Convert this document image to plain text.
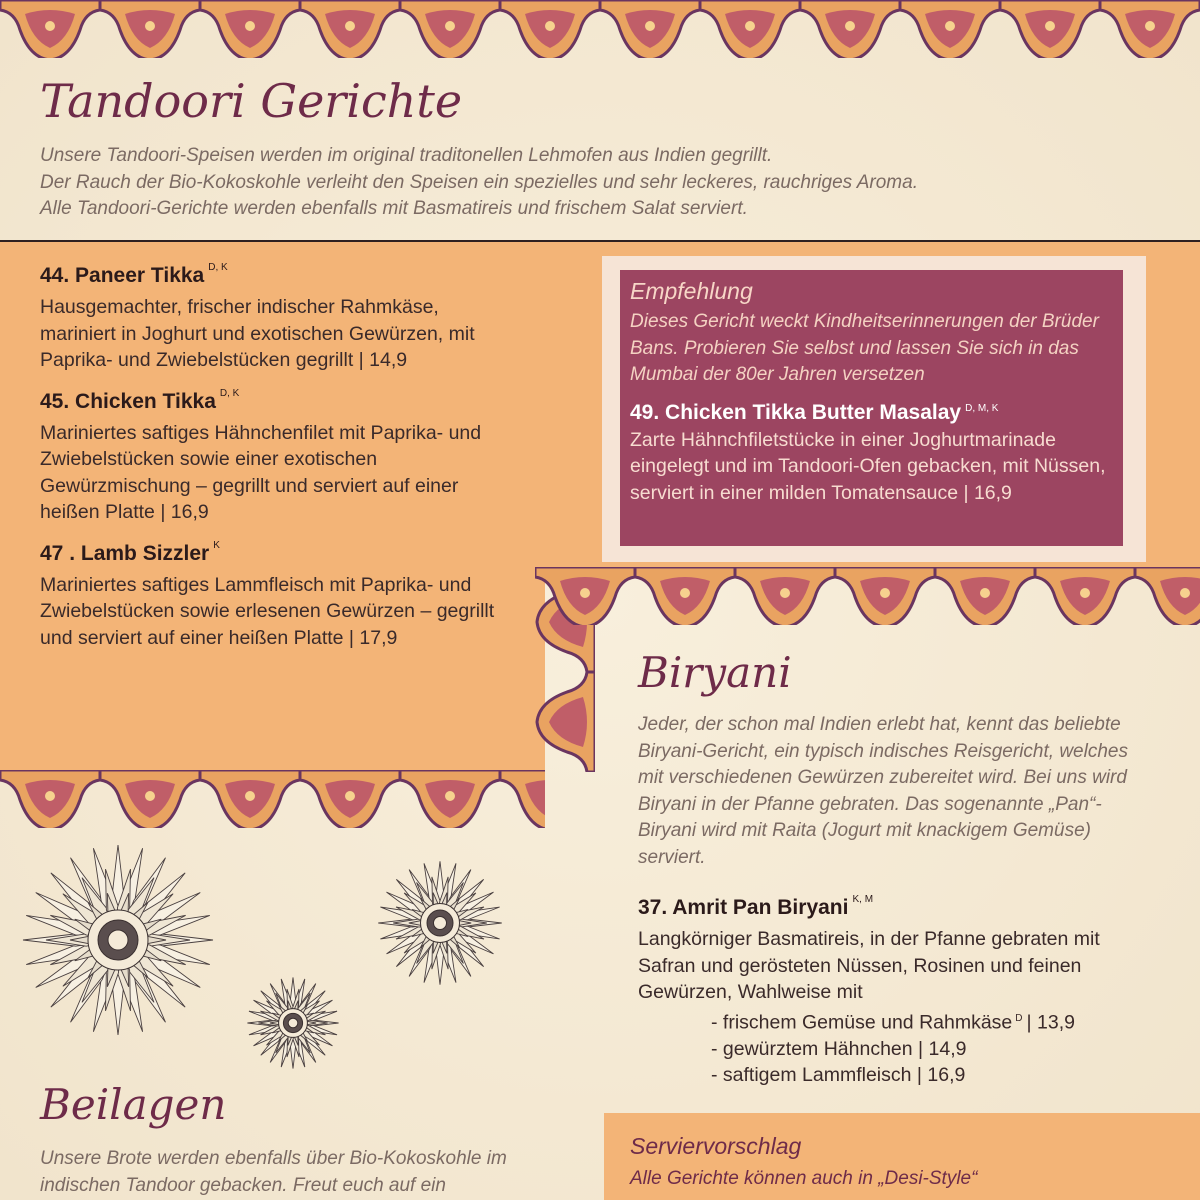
Tandoori Gerichte

Unsere Tandoori-Speisen werden im original traditonellen Lehmofen aus Indien gegrillt.

Der Rauch der Bio-Kokoskohle verleiht den Speisen ein spezielles und sehr leckeres, rauchriges Aroma.

Alle Tandoori-Gerichte werden ebenfalls mit Basmatireis und frischem Salat serviert.

44. Paneer Tikka $^{D, K}$

Hausgemachter, frischer indischer Rahmkäse, mariniert in Joghurt und exotischen Gewürzen, mit Paprika- und Zwiebelstücken gegrillt | 14,9

45. Chicken Tikka $^{D, K}$

Mariniertes saftiges Hähnchenfilet mit Paprika- und Zwiebelstücken sowie einer exotischen Gewürzmischung – gegrillt und serviert auf einer heißen Platte | 16,9

47 . Lamb Sizzler $^K$

Mariniertes saftiges Lammfleisch mit Paprika- und Zwiebelstücken sowie erlesenen Gewürzen – gegrillt und serviert auf einer heißen Platte | 17,9

Empfehlung

Dieses Gericht weckt Kindheitserinnerungen der Brüder Bans. Probieren Sie selbst und lassen Sie sich in das Mumbai der 80er Jahren versetzen

49. Chicken Tikka Butter Masalay $^{D, M, K}$

Zarte Hähnchfiletstücke in einer Joghurtmarinade eingelegt und im Tandoori-Ofen gebacken, mit Nüssen, serviert in einer milden Tomatensauce | 16,9

Biryani

Jeder, der schon mal Indien erlebt hat, kennt das beliebte Biryani-Gericht, ein typisch indisches Reisgericht, welches mit verschiedenen Gewürzen zubereitet wird. Bei uns wird Biryani in der Pfanne gebraten. Das sogenannte „Pan“-Biryani wird mit Raita (Jogurt mit knackigem Gemüse) serviert.

37. Amrit Pan Biryani $^{K, M}$

Langkörniger Basmatireis, in der Pfanne gebraten mit Safran und gerösteten Nüssen, Rosinen und feinen Gewürzen, Wahlweise mit

- frischem Gemüse und Rahmkäse $^D$ | 13,9
- gewürztem Hähnchen | 14,9
- saftigem Lammfleisch | 16,9
Beilagen

Unsere Brote werden ebenfalls über Bio-Kokoskohle im indischen Tandoor gebacken. Freut euch auf ein

Serviervorschlag

Alle Gerichte können auch in „Desi-Style“
